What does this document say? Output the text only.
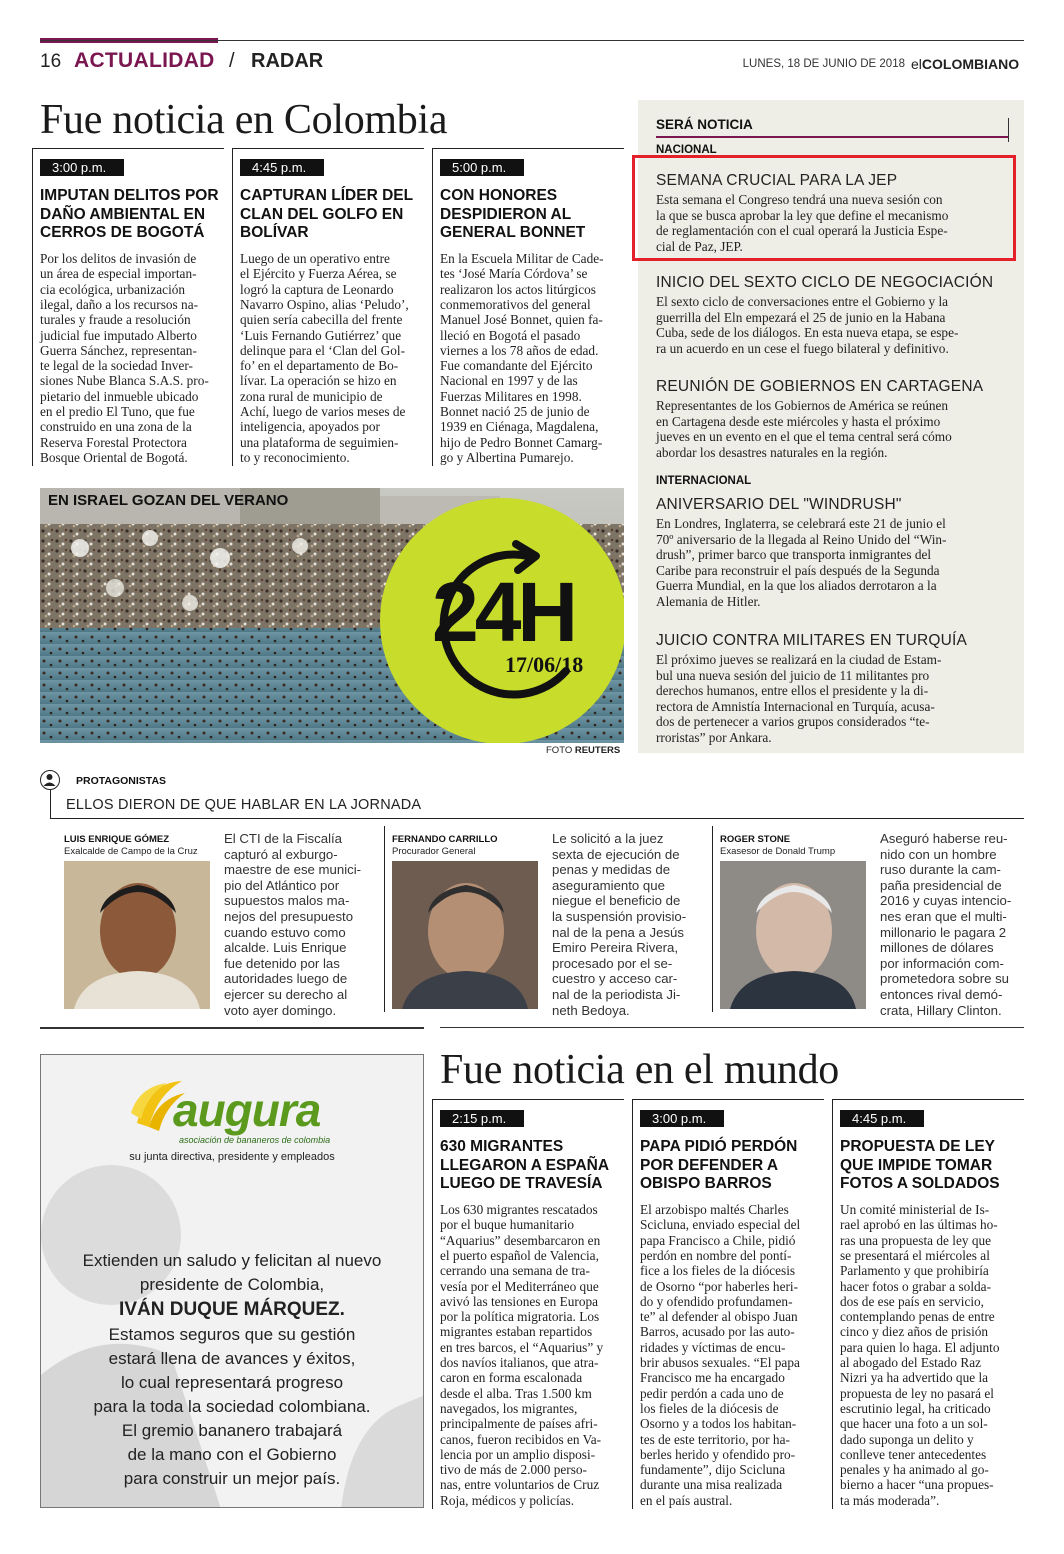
16 ACTUALIDAD / RADAR	LUNES, 18 DE JUNIO DE 2018 elCOLOMBIANO
Fue noticia en Colombia
3:00 p.m.
IMPUTAN DELITOS POR
DAÑO AMBIENTAL EN
CERROS DE BOGOTÁ
Por los delitos de invasión de
un área de especial importan-
cia ecológica, urbanización
ilegal, daño a los recursos na-
turales y fraude a resolución
judicial fue imputado Alberto
Guerra Sánchez, representan-
te legal de la sociedad Inver-
siones Nube Blanca S.A.S. pro-
pietario del inmueble ubicado
en el predio El Tuno, que fue
construido en una zona de la
Reserva Forestal Protectora
Bosque Oriental de Bogotá.
4:45 p.m.
CAPTURAN LÍDER DEL
CLAN DEL GOLFO EN
BOLÍVAR
Luego de un operativo entre
el Ejército y Fuerza Aérea, se
logró la captura de Leonardo
Navarro Ospino, alias ‘Peludo’,
quien sería cabecilla del frente
‘Luis Fernando Gutiérrez’ que
delinque para el ‘Clan del Gol-
fo’ en el departamento de Bo-
lívar. La operación se hizo en
zona rural de municipio de
Achí, luego de varios meses de
inteligencia, apoyados por
una plataforma de seguimien-
to y reconocimiento.
5:00 p.m.
CON HONORES
DESPIDIERON AL
GENERAL BONNET
En la Escuela Militar de Cade-
tes ‘José María Córdova’ se
realizaron los actos litúrgicos
conmemorativos del general
Manuel José Bonnet, quien fa-
lleció en Bogotá el pasado
viernes a los 78 años de edad.
Fue comandante del Ejército
Nacional en 1997 y de las
Fuerzas Militares en 1998.
Bonnet nació 25 de junio de
1939 en Ciénaga, Magdalena,
hijo de Pedro Bonnet Camarg-
go y Albertina Pumarejo.
SERÁ NOTICIA
NACIONAL
INTERNACIONAL
SEMANA CRUCIAL PARA LA JEP
Esta semana el Congreso tendrá una nueva sesión con
la que se busca aprobar la ley que define el mecanismo
de reglamentación con el cual operará la Justicia Espe-
cial de Paz, JEP.
INICIO DEL SEXTO CICLO DE NEGOCIACIÓN
El sexto ciclo de conversaciones entre el Gobierno y la
guerrilla del Eln empezará el 25 de junio en la Habana
Cuba, sede de los diálogos. En esta nueva etapa, se espe-
ra un acuerdo en un cese el fuego bilateral y definitivo.
REUNIÓN DE GOBIERNOS EN CARTAGENA
Representantes de los Gobiernos de América se reúnen
en Cartagena desde este miércoles y hasta el próximo
jueves en un evento en el que el tema central será cómo
abordar los desastres naturales en la región.
ANIVERSARIO DEL "WINDRUSH"
En Londres, Inglaterra, se celebrará este 21 de junio el
70º aniversario de la llegada al Reino Unido del “Win-
drush”, primer barco que transporta inmigrantes del
Caribe para reconstruir el país después de la Segunda
Guerra Mundial, en la que los aliados derrotaron a la
Alemania de Hitler.
JUICIO CONTRA MILITARES EN TURQUÍA
El próximo jueves se realizará en la ciudad de Estam-
bul una nueva sesión del juicio de 11 militantes pro
derechos humanos, entre ellos el presidente y la di-
rectora de Amnistía Internacional en Turquía, acusa-
dos de pertenecer a varios grupos considerados “te-
rroristas” por Ankara.
EN ISRAEL GOZAN DEL VERANO
24H
17/06/18
FOTO REUTERS
PROTAGONISTAS
ELLOS DIERON DE QUE HABLAR EN LA JORNADA
LUIS ENRIQUE GÓMEZ
Exalcalde de Campo de la Cruz
El CTI de la Fiscalía
capturó al exburgo-
maestre de ese munici-
pio del Atlántico por
supuestos malos ma-
nejos del presupuesto
cuando estuvo como
alcalde. Luis Enrique
fue detenido por las
autoridades luego de
ejercer su derecho al
voto ayer domingo.
FERNANDO CARRILLO
Procurador General
Le solicitó a la juez
sexta de ejecución de
penas y medidas de
aseguramiento que
niegue el beneficio de
la suspensión provisio-
nal de la pena a Jesús
Emiro Pereira Rivera,
procesado por el se-
cuestro y acceso car-
nal de la periodista Ji-
neth Bedoya.
ROGER STONE
Exasesor de Donald Trump
Aseguró haberse reu-
nido con un hombre
ruso durante la cam-
paña presidencial de
2016 y cuyas intencio-
nes eran que el multi-
millonario le pagara 2
millones de dólares
por información com-
prometedora sobre su
entonces rival demó-
crata, Hillary Clinton.
augura
asociación de bananeros de colombia
su junta directiva, presidente y empleados
Extienden un saludo y felicitan al nuevo
presidente de Colombia,
IVÁN DUQUE MÁRQUEZ.
Estamos seguros que su gestión
estará llena de avances y éxitos,
lo cual representará progreso
para la toda la sociedad colombiana.
El gremio bananero trabajará
de la mano con el Gobierno
para construir un mejor país.
Fue noticia en el mundo
2:15 p.m.
630 MIGRANTES
LLEGARON A ESPAÑA
LUEGO DE TRAVESÍA
Los 630 migrantes rescatados
por el buque humanitario
“Aquarius” desembarcaron en
el puerto español de Valencia,
cerrando una semana de tra-
vesía por el Mediterráneo que
avivó las tensiones en Europa
por la política migratoria. Los
migrantes estaban repartidos
en tres barcos, el “Aquarius” y
dos navíos italianos, que atra-
caron en forma escalonada
desde el alba. Tras 1.500 km
navegados, los migrantes,
principalmente de países afri-
canos, fueron recibidos en Va-
lencia por un amplio disposi-
tivo de más de 2.000 perso-
nas, entre voluntarios de Cruz
Roja, médicos y policías.
3:00 p.m.
PAPA PIDIÓ PERDÓN
POR DEFENDER A
OBISPO BARROS
El arzobispo maltés Charles
Scicluna, enviado especial del
papa Francisco a Chile, pidió
perdón en nombre del pontí-
fice a los fieles de la diócesis
de Osorno “por haberles heri-
do y ofendido profundamen-
te” al defender al obispo Juan
Barros, acusado por las auto-
ridades y víctimas de encu-
brir abusos sexuales. “El papa
Francisco me ha encargado
pedir perdón a cada uno de
los fieles de la diócesis de
Osorno y a todos los habitan-
tes de este territorio, por ha-
berles herido y ofendido pro-
fundamente”, dijo Scicluna
durante una misa realizada
en el país austral.
4:45 p.m.
PROPUESTA DE LEY
QUE IMPIDE TOMAR
FOTOS A SOLDADOS
Un comité ministerial de Is-
rael aprobó en las últimas ho-
ras una propuesta de ley que
se presentará el miércoles al
Parlamento y que prohibiría
hacer fotos o grabar a solda-
dos de ese país en servicio,
contemplando penas de entre
cinco y diez años de prisión
para quien lo haga. El adjunto
al abogado del Estado Raz
Nizri ya ha advertido que la
propuesta de ley no pasará el
escrutinio legal, ha criticado
que hacer una foto a un sol-
dado suponga un delito y
conlleve tener antecedentes
penales y ha animado al go-
bierno a hacer “una propues-
ta más moderada”.
